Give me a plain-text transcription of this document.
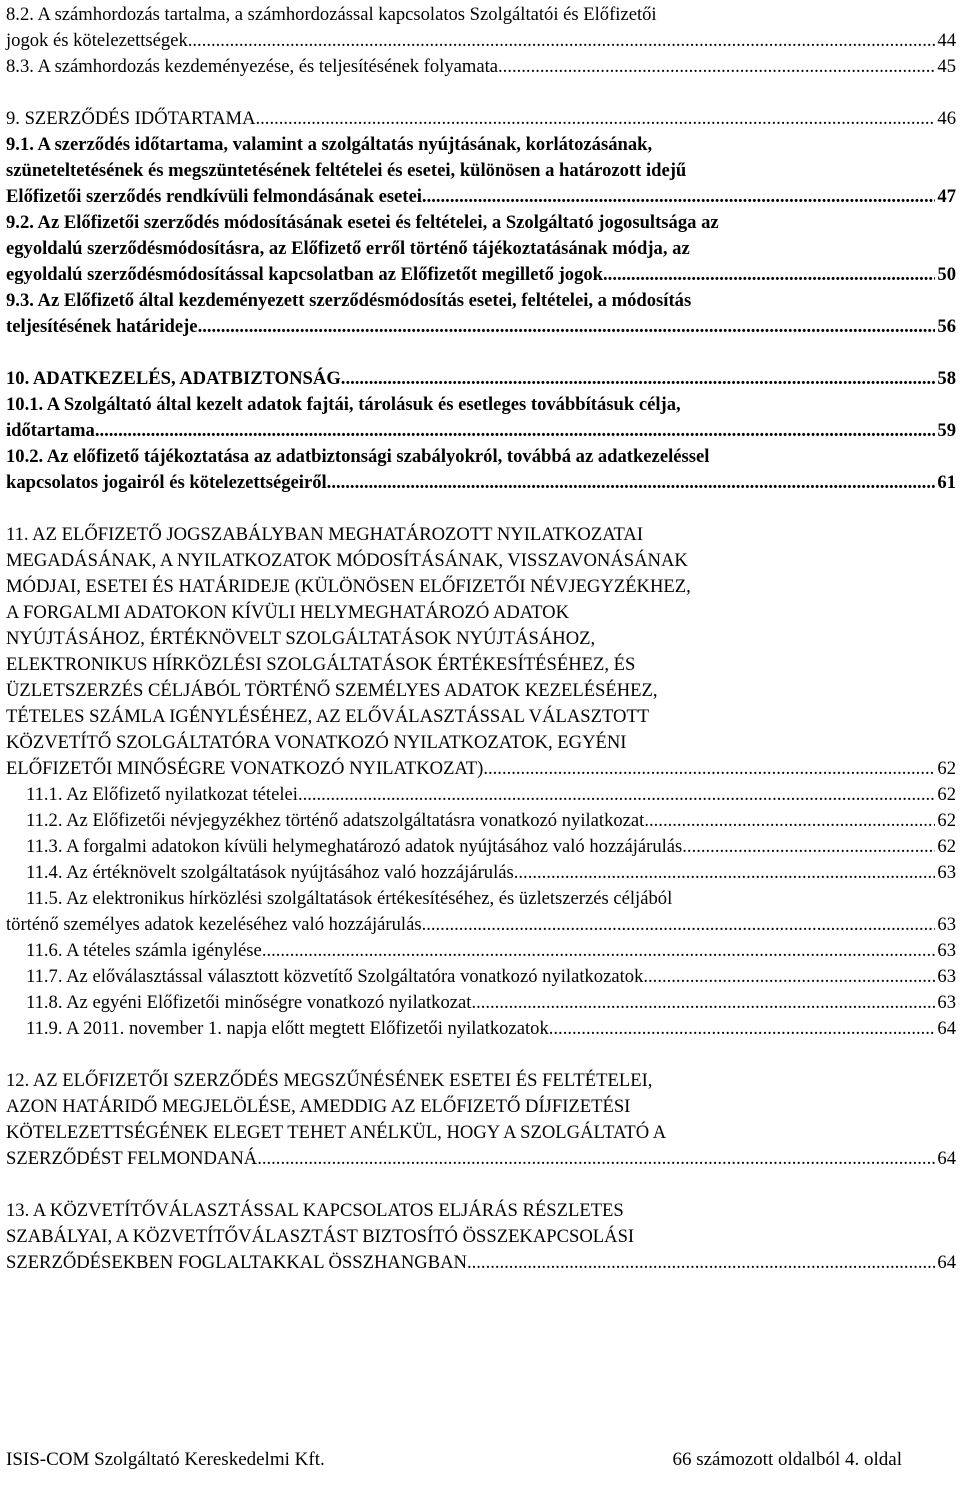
8.2. A számhordozás tartalma, a számhordozással kapcsolatos Szolgáltatói és Előfizetői
jogok és kötelezettségek .....	44
8.3. A számhordozás kezdeményezése, és teljesítésének folyamata .....	45
9. SZERZŐDÉS IDŐTARTAMA .....	46
9.1. A szerződés időtartama, valamint a szolgáltatás nyújtásának, korlátozásának,
szüneteltetésének és megszüntetésének feltételei és esetei, különösen a határozott idejű
Előfizetői szerződés rendkívüli felmondásának esetei .....	47
9.2. Az Előfizetői szerződés módosításának esetei és feltételei, a Szolgáltató jogosultsága az
egyoldalú szerződésmódosításra, az Előfizető erről történő tájékoztatásának módja, az
egyoldalú szerződésmódosítással kapcsolatban az Előfizetőt megillető jogok .....	50
9.3. Az Előfizető által kezdeményezett szerződésmódosítás esetei, feltételei, a módosítás
teljesítésének határideje .....	56
10. ADATKEZELÉS, ADATBIZTONSÁG .....	58
10.1. A Szolgáltató által kezelt adatok fajtái, tárolásuk és esetleges továbbításuk célja,
időtartama .....	59
10.2. Az előfizető tájékoztatása az adatbiztonsági szabályokról, továbbá az adatkezeléssel
kapcsolatos jogairól és kötelezettségeiről .....	61
11. AZ ELŐFIZETŐ JOGSZABÁLYBAN MEGHATÁROZOTT NYILATKOZATAI
MEGADÁSÁNAK, A NYILATKOZATOK MÓDOSÍTÁSÁNAK, VISSZAVONÁSÁNAK
MÓDJAI, ESETEI ÉS HATÁRIDEJE (KÜLÖNÖSEN ELŐFIZETŐI NÉVJEGYZÉKHEZ,
A FORGALMI ADATOKON KÍVÜLI HELYMEGHATÁROZÓ ADATOK
NYÚJTÁSÁHOZ, ÉRTÉKNÖVELT SZOLGÁLTATÁSOK NYÚJTÁSÁHOZ,
ELEKTRONIKUS HÍRKÖZLÉSI SZOLGÁLTATÁSOK ÉRTÉKESÍTÉSÉHEZ, ÉS
ÜZLETSZERZÉS CÉLJÁBÓL TÖRTÉNŐ SZEMÉLYES ADATOK KEZELÉSÉHEZ,
TÉTELES SZÁMLA IGÉNYLÉSÉHEZ, AZ ELŐVÁLASZTÁSSAL VÁLASZTOTT
KÖZVETÍTŐ SZOLGÁLTATÓRA VONATKOZÓ NYILATKOZATOK, EGYÉNI
ELŐFIZETŐI MINŐSÉGRE VONATKOZÓ NYILATKOZAT) .....	62
11.1. Az Előfizető nyilatkozat tételei .....	62
11.2. Az Előfizetői névjegyzékhez történő adatszolgáltatásra vonatkozó nyilatkozat .....	62
11.3. A forgalmi adatokon kívüli helymeghatározó adatok nyújtásához való hozzájárulás .....	62
11.4. Az értéknövelt szolgáltatások nyújtásához való hozzájárulás .....	63
11.5. Az elektronikus hírközlési szolgáltatások értékesítéséhez, és üzletszerzés céljából
történő személyes adatok kezeléséhez való hozzájárulás .....	63
11.6. A tételes számla igénylése .....	63
11.7. Az előválasztással választott közvetítő Szolgáltatóra vonatkozó nyilatkozatok .....	63
11.8. Az egyéni Előfizetői minőségre vonatkozó nyilatkozat .....	63
11.9. A 2011. november 1. napja előtt megtett Előfizetői nyilatkozatok .....	64
12. AZ ELŐFIZETŐI SZERZŐDÉS MEGSZŰNÉSÉNEK ESETEI ÉS FELTÉTELEI,
AZON HATÁRIDŐ MEGJELÖLÉSE, AMEDDIG AZ ELŐFIZETŐ DÍJFIZETÉSI
KÖTELEZETTSÉGÉNEK ELEGET TEHET ANÉLKÜL, HOGY A SZOLGÁLTATÓ A
SZERZŐDÉST FELMONDANÁ .....	64
13. A KÖZVETÍTŐVÁLASZTÁSSAL KAPCSOLATOS ELJÁRÁS RÉSZLETES
SZABÁLYAI, A KÖZVETÍTŐVÁLASZTÁST BIZTOSÍTÓ ÖSSZEKAPCSOLÁSI
SZERZŐDÉSEKBEN FOGLALTAKKAL ÖSSZHANGBAN .....	64
ISIS-COM Szolgáltató Kereskedelmi Kft.	66 számozott oldalból 4. oldal
